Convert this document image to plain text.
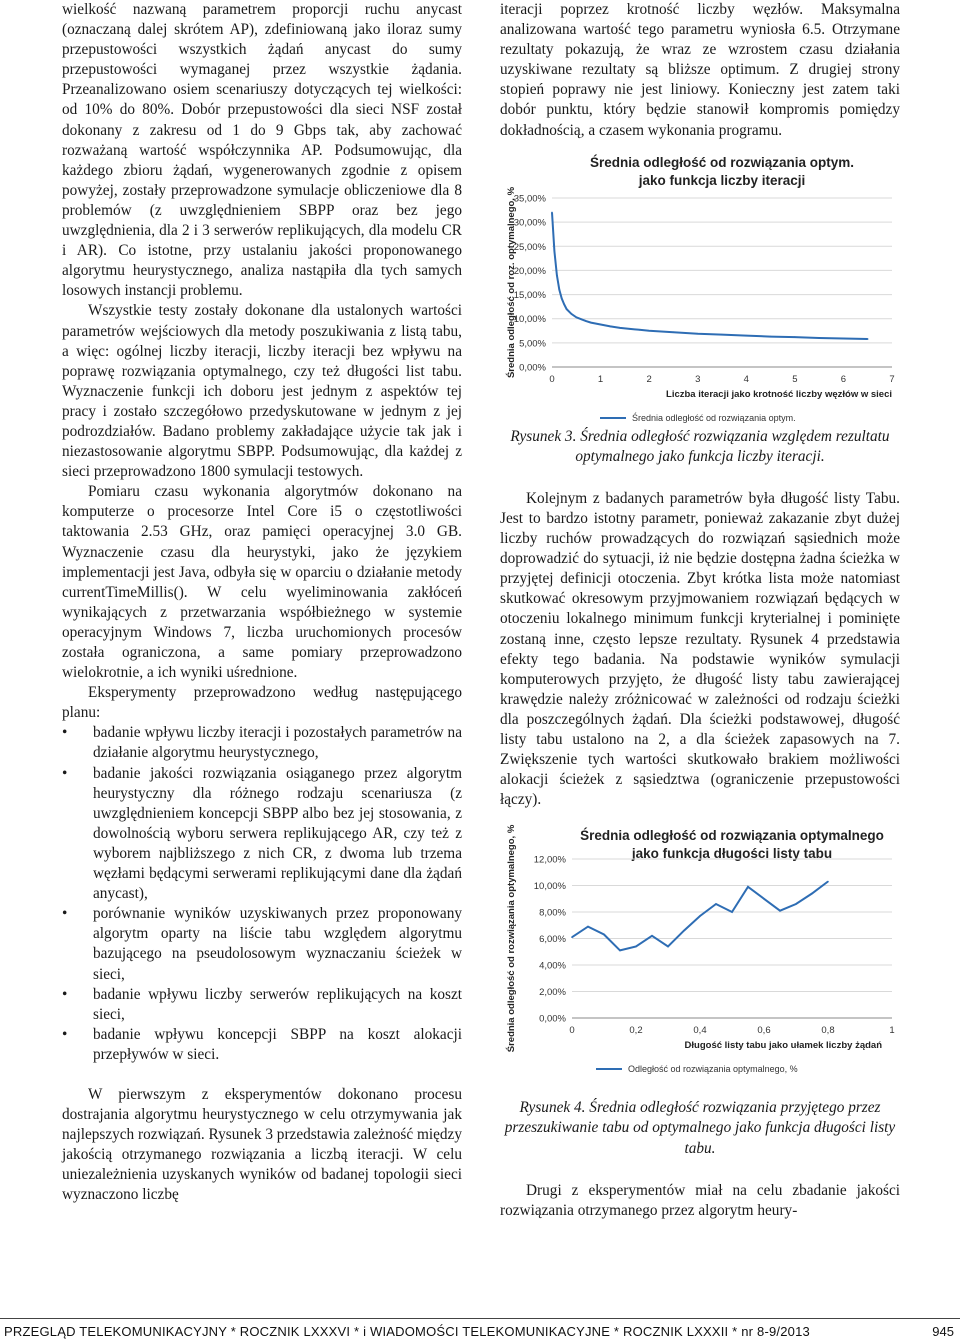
wielkość nazwaną parametrem proporcji ruchu anycast (oznaczaną dalej skrótem AP), zdefiniowaną jako iloraz sumy przepustowości wszystkich żądań anycast do sumy przepustowości wymaganej przez wszystkie żądania. Przeanalizowano osiem scenariuszy dotyczących tej wielkości: od 10% do 80%. Dobór przepustowości dla sieci NSF został dokonany z zakresu od 1 do 9 Gbps tak, aby zachować rozważaną wartość współczynnika AP. Podsumowując, dla każdego zbioru żądań, wygenerowanych zgodnie z opisem powyżej, zostały przeprowadzone symulacje obliczeniowe dla 8 problemów (z uwzględnieniem SBPP oraz bez jego uwzględnienia, dla 2 i 3 serwerów replikujących, dla modelu CR i AR). Co istotne, przy ustalaniu jakości proponowanego algorytmu heurystycznego, analiza nastąpiła dla tych samych losowych instancji problemu.

Wszystkie testy zostały dokonane dla ustalonych wartości parametrów wejściowych dla metody poszukiwania z listą tabu, a więc: ogólnej liczby iteracji, liczby iteracji bez wpływu na poprawę rozwiązania optymalnego, czy też długości list tabu. Wyznaczenie funkcji ich doboru jest jednym z aspektów tej pracy i zostało szczegółowo przedyskutowane w jednym z jej podrozdziałów. Badano problemy zakładające użycie tak jak i niezastosowanie algorytmu SBPP. Podsumowując, dla każdej z sieci przeprowadzono 1800 symulacji testowych.

Pomiaru czasu wykonania algorytmów dokonano na komputerze o procesorze Intel Core i5 o częstotliwości taktowania 2.53 GHz, oraz pamięci operacyjnej 3.0 GB. Wyznaczenie czasu dla heurystyki, jako że językiem implementacji jest Java, odbyła się w oparciu o działanie metody currentTimeMillis(). W celu wyeliminowania zakłóceń wynikających z przetwarzania współbieżnego w systemie operacyjnym Windows 7, liczba uruchomionych procesów została ograniczona, a same pomiary przeprowadzono wielokrotnie, a ich wyniki uśrednione.

Eksperymenty przeprowadzono według następującego planu:

• badanie wpływu liczby iteracji i pozostałych parametrów na działanie algorytmu heurystycznego,
• badanie jakości rozwiązania osiąganego przez algorytm heurystyczny dla różnego rodzaju scenariusza (z uwzględnieniem koncepcji SBPP albo bez jej stosowania, z dowolnością wyboru serwera replikującego AR, czy też z wyborem najbliższego z nich CR, z dwoma lub trzema węzłami będącymi serwerami replikującymi dane dla żądań anycast),
• porównanie wyników uzyskiwanych przez proponowany algorytm oparty na liście tabu względem algorytmu bazującego na pseudolosowym wyznaczaniu ścieżek w sieci,
• badanie wpływu liczby serwerów replikujących na koszt sieci,
• badanie wpływu koncepcji SBPP na koszt alokacji przepływów w sieci.

W pierwszym z eksperymentów dokonano procesu dostrajania algorytmu heurystycznego w celu otrzymywania jak najlepszych rozwiązań. Rysunek 3 przedstawia zależność między jakością otrzymanego rozwiązania a liczbą iteracji. W celu uniezależnienia uzyskanych wyników od badanej topologii sieci wyznaczono liczbę

iteracji poprzez krotność liczby węzłów. Maksymalna analizowana wartość tego parametru wyniosła 6.5. Otrzymane rezultaty pokazują, że wraz ze wzrostem czasu działania uzyskiwane rezultaty są bliższe optimum. Z drugiej strony stopień poprawy nie jest liniowy. Konieczny jest zatem taki dobór punktu, który będzie stanowił kompromis pomiędzy dokładnością, a czasem wykonania programu.

Średnia odległość od rozwiązania optym.
jako funkcja liczby iteracji
0,00%
5,00%
10,00%
15,00%
20,00%
25,00%
30,00%
35,00%
0	1	2	3	4	5	6	7
Liczba iteracji jako krotność liczby węzłów w sieci
Średnia odległość od roz. optymalnego, %
Średnia odległość od rozwiązania optym.

Rysunek 3. Średnia odległość rozwiązania względem rezultatu optymalnego jako funkcja liczby iteracji.

Kolejnym z badanych parametrów była długość listy Tabu. Jest to bardzo istotny parametr, ponieważ zakazanie zbyt dużej liczby ruchów prowadzących do rozwiązań sąsiednich może doprowadzić do sytuacji, iż nie będzie dostępna żadna ścieżka w przyjętej definicji otoczenia. Zbyt krótka lista może natomiast skutkować okresowym przyjmowaniem rozwiązań będących w otoczeniu lokalnego minimum funkcji kryterialnej i pominięte zostaną inne, często lepsze rezultaty. Rysunek 4 przedstawia efekty tego badania. Na podstawie wyników symulacji komputerowych przyjęto, że długość listy tabu zawierającej krawędzie należy zróżnicować w zależności od rodzaju ścieżki dla poszczególnych żądań. Dla ścieżki podstawowej, długość listy tabu ustalono na 2, a dla ścieżek zapasowych na 7. Zwiększenie tych wartości skutkowało brakiem możliwości alokacji ścieżek z sąsiedztwa (ograniczenie przepustowości łączy).

Średnia odległość od rozwiązania optymalnego
jako funkcja długości listy tabu
0,00%
2,00%
4,00%
6,00%
8,00%
10,00%
12,00%
0	0,2	0,4	0,6	0,8	1
Długość listy tabu jako ułamek liczby żądań
Średnia odległość od rozwiązania optymalnego, %
Odległość od rozwiązania optymalnego, %

Rysunek 4. Średnia odległość rozwiązania przyjętego przez przeszukiwanie tabu od optymalnego jako funkcja długości listy tabu.

Drugi z eksperymentów miał na celu zbadanie jakości rozwiązania otrzymanego przez algorytm heury-

PRZEGLĄD TELEKOMUNIKACYJNY * ROCZNIK LXXXVI * i WIADOMOŚCI TELEKOMUNIKACYJNE * ROCZNIK LXXXII * nr 8-9/2013	945
